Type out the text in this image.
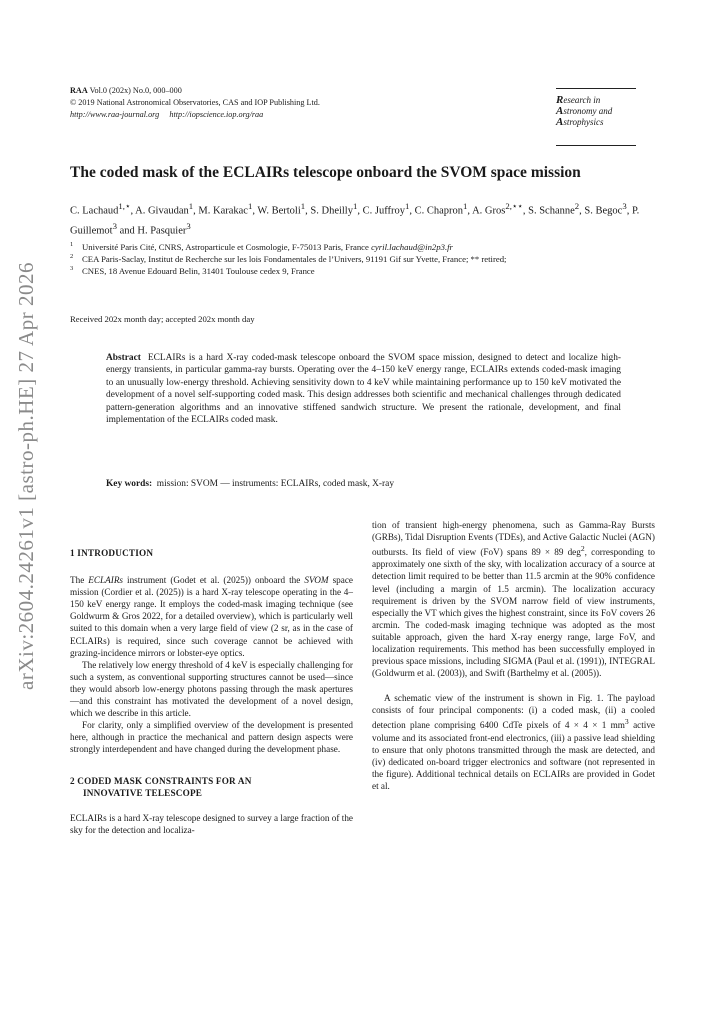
arXiv:2604.24261v1 [astro-ph.HE] 27 Apr 2026
RAA Vol.0 (202x) No.0, 000–000
© 2019 National Astronomical Observatories, CAS and IOP Publishing Ltd.
http://www.raa-journal.org http://iopscience.iop.org/raa
Research in
Astronomy and
Astrophysics
The coded mask of the ECLAIRs telescope onboard the SVOM space mission
C. Lachaud$^{1,⋆}$, A. Givaudan$^1$, M. Karakac$^1$, W. Bertoli$^1$, S. Dheilly$^1$, C. Juffroy$^1$, C. Chapron$^1$, A. Gros$^{2,⋆⋆}$, S. Schanne$^2$, S. Begoc$^3$, P. Guillemot$^3$ and H. Pasquier$^3$
1 Université Paris Cité, CNRS, Astroparticule et Cosmologie, F-75013 Paris, France cyril.lachaud@in2p3.fr
2 CEA Paris-Saclay, Institut de Recherche sur les lois Fondamentales de l’Univers, 91191 Gif sur Yvette, France; ** retired;
3 CNES, 18 Avenue Edouard Belin, 31401 Toulouse cedex 9, France
Received 202x month day; accepted 202x month day
Abstract ECLAIRs is a hard X-ray coded-mask telescope onboard the SVOM space mission, designed to detect and localize high-energy transients, in particular gamma-ray bursts. Operating over the 4–150 keV energy range, ECLAIRs extends coded-mask imaging to an unusually low-energy threshold. Achieving sensitivity down to 4 keV while maintaining performance up to 150 keV motivated the development of a novel self-supporting coded mask. This design addresses both scientific and mechanical challenges through dedicated pattern-generation algorithms and an innovative stiffened sandwich structure. We present the rationale, development, and final implementation of the ECLAIRs coded mask.
Key words: mission: SVOM — instruments: ECLAIRs, coded mask, X-ray
1 INTRODUCTION

The ECLAIRs instrument (Godet et al. (2025)) onboard the SVOM space mission (Cordier et al. (2025)) is a hard X-ray telescope operating in the 4–150 keV energy range. It employs the coded-mask imaging technique (see Goldwurm & Gros 2022, for a detailed overview), which is particularly well suited to this domain when a very large field of view (2 sr, as in the case of ECLAIRs) is required, since such coverage cannot be achieved with grazing-incidence mirrors or lobster-eye optics.

The relatively low energy threshold of 4 keV is especially challenging for such a system, as conventional supporting structures cannot be used—since they would absorb low-energy photons passing through the mask apertures—and this constraint has motivated the development of a novel design, which we describe in this article.

For clarity, only a simplified overview of the development is presented here, although in practice the mechanical and pattern design aspects were strongly interdependent and have changed during the development phase.

2 CODED MASK CONSTRAINTS FOR AN
INNOVATIVE TELESCOPE

ECLAIRs is a hard X-ray telescope designed to survey a large fraction of the sky for the detection and localiza-

tion of transient high-energy phenomena, such as Gamma-Ray Bursts (GRBs), Tidal Disruption Events (TDEs), and Active Galactic Nuclei (AGN) outbursts. Its field of view (FoV) spans 89 × 89 deg$^2$, corresponding to approximately one sixth of the sky, with localization accuracy of a source at detection limit required to be better than 11.5 arcmin at the 90% confidence level (including a margin of 1.5 arcmin). The localization accuracy requirement is driven by the SVOM narrow field of view instruments, especially the VT which gives the highest constraint, since its FoV covers 26 arcmin. The coded-mask imaging technique was adopted as the most suitable approach, given the hard X-ray energy range, large FoV, and localization requirements. This method has been successfully employed in previous space missions, including SIGMA (Paul et al. (1991)), INTEGRAL (Goldwurm et al. (2003)), and Swift (Barthelmy et al. (2005)).

A schematic view of the instrument is shown in Fig. 1. The payload consists of four principal components: (i) a coded mask, (ii) a cooled detection plane comprising 6400 CdTe pixels of 4 × 4 × 1 $mm^3$ active volume and its associated front-end electronics, (iii) a passive lead shielding to ensure that only photons transmitted through the mask are detected, and (iv) dedicated on-board trigger electronics and software (not represented in the figure). Additional technical details on ECLAIRs are provided in Godet et al.
